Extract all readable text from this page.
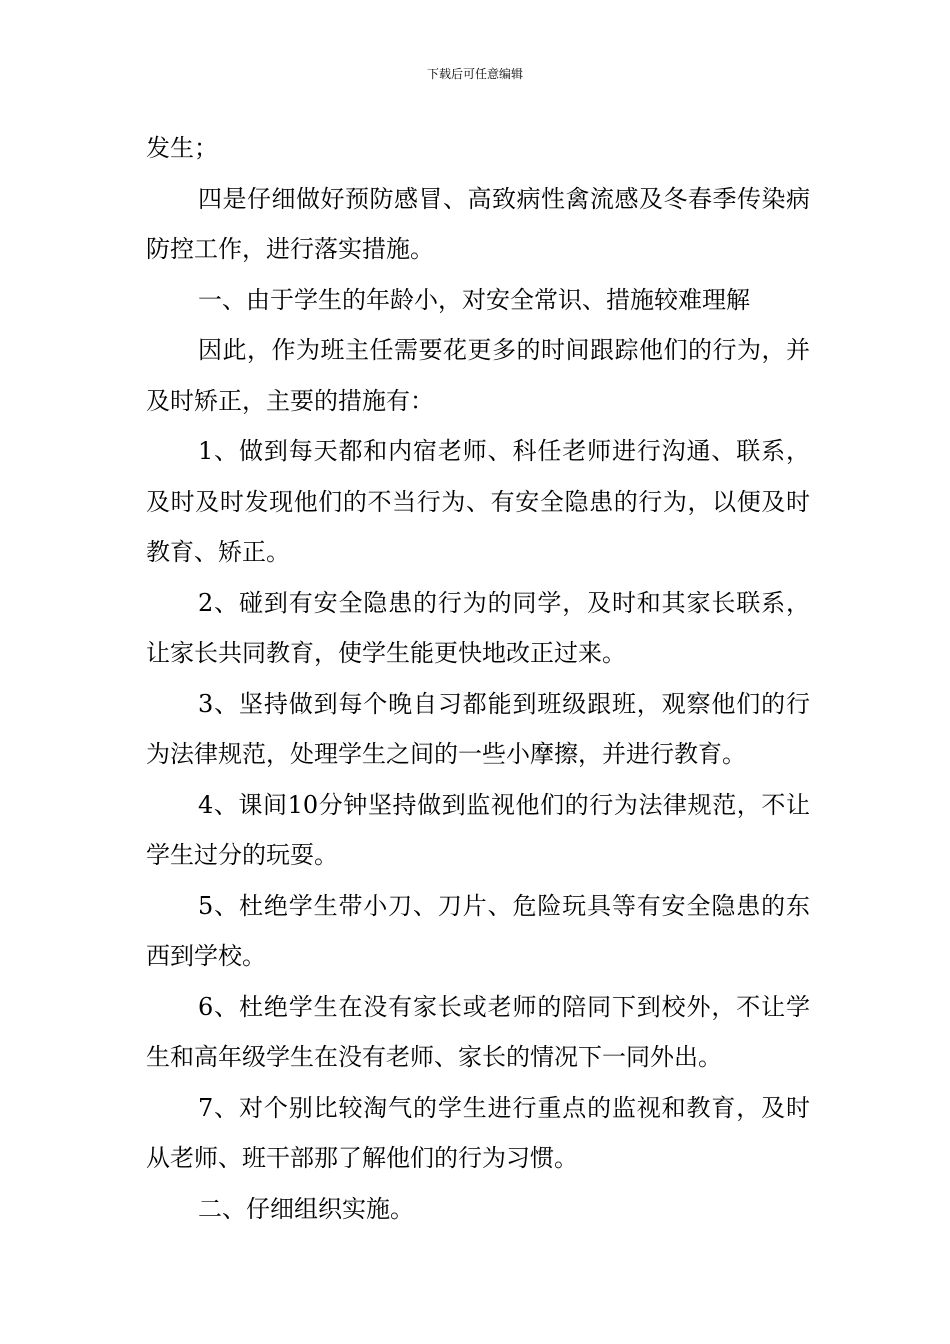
下载后可任意编辑

发生；

四是仔细做好预防感冒、高致病性禽流感及冬春季传染病防控工作，进行落实措施。

一、由于学生的年龄小，对安全常识、措施较难理解

因此，作为班主任需要花更多的时间跟踪他们的行为，并及时矫正，主要的措施有：

1、做到每天都和内宿老师、科任老师进行沟通、联系，及时及时发现他们的不当行为、有安全隐患的行为，以便及时教育、矫正。

2、碰到有安全隐患的行为的同学，及时和其家长联系，让家长共同教育，使学生能更快地改正过来。

3、坚持做到每个晚自习都能到班级跟班，观察他们的行为法律规范，处理学生之间的一些小摩擦，并进行教育。

4、课间10分钟坚持做到监视他们的行为法律规范，不让学生过分的玩耍。

5、杜绝学生带小刀、刀片、危险玩具等有安全隐患的东西到学校。

6、杜绝学生在没有家长或老师的陪同下到校外，不让学生和高年级学生在没有老师、家长的情况下一同外出。

7、对个别比较淘气的学生进行重点的监视和教育，及时从老师、班干部那了解他们的行为习惯。

二、仔细组织实施。
